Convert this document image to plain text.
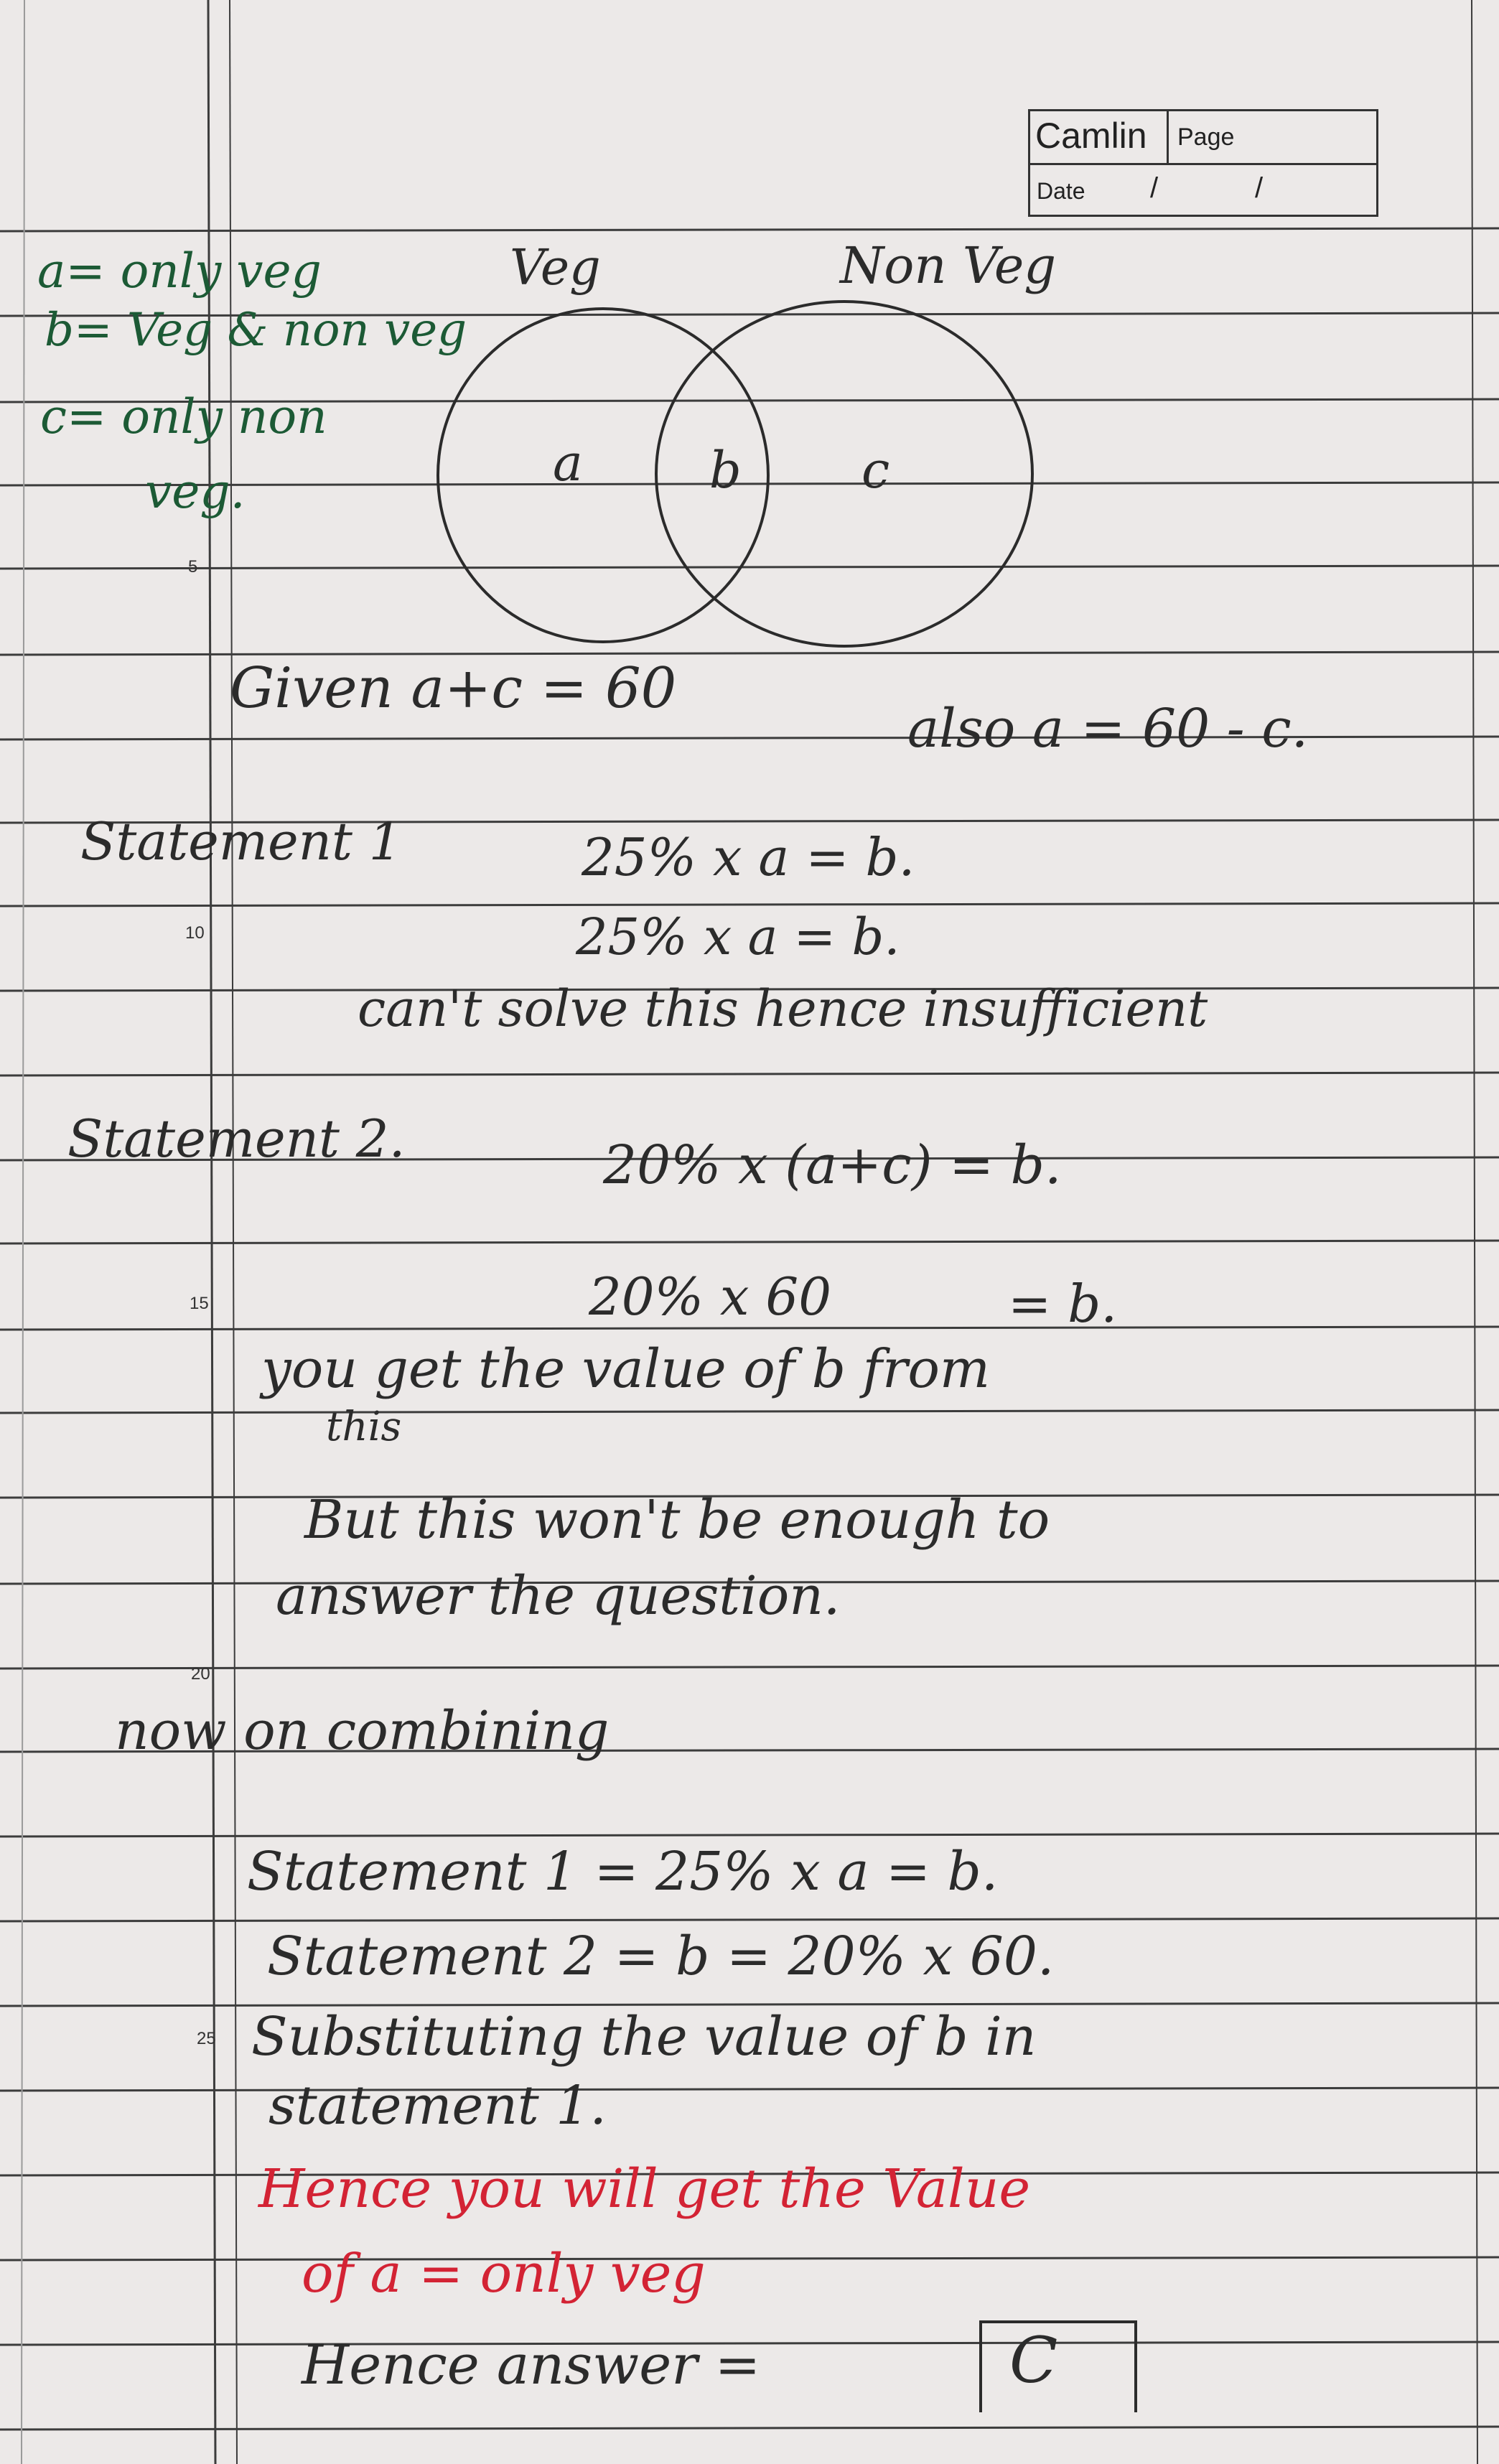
Camlin Page
Date /	/
5
10
15
20
25
a= only veg
b= Veg & non veg
c= only non
veg.
Veg	Non Veg
a	b c
Given a+c = 60
also a = 60 - c.
Statement 1	25% x a = b.
25% x a = b.
can't solve this hence insufficient
Statement 2.	20% x (a+c) = b.
20% x 60	= b.
you get the value of b from
this
But this won't be enough to
answer the question.
now on combining
Statement 1 = 25% x a = b.
Statement 2 = b = 20% x 60.
Substituting the value of b in
statement 1.
Hence you will get the Value
of a = only veg
Hence answer =	C
